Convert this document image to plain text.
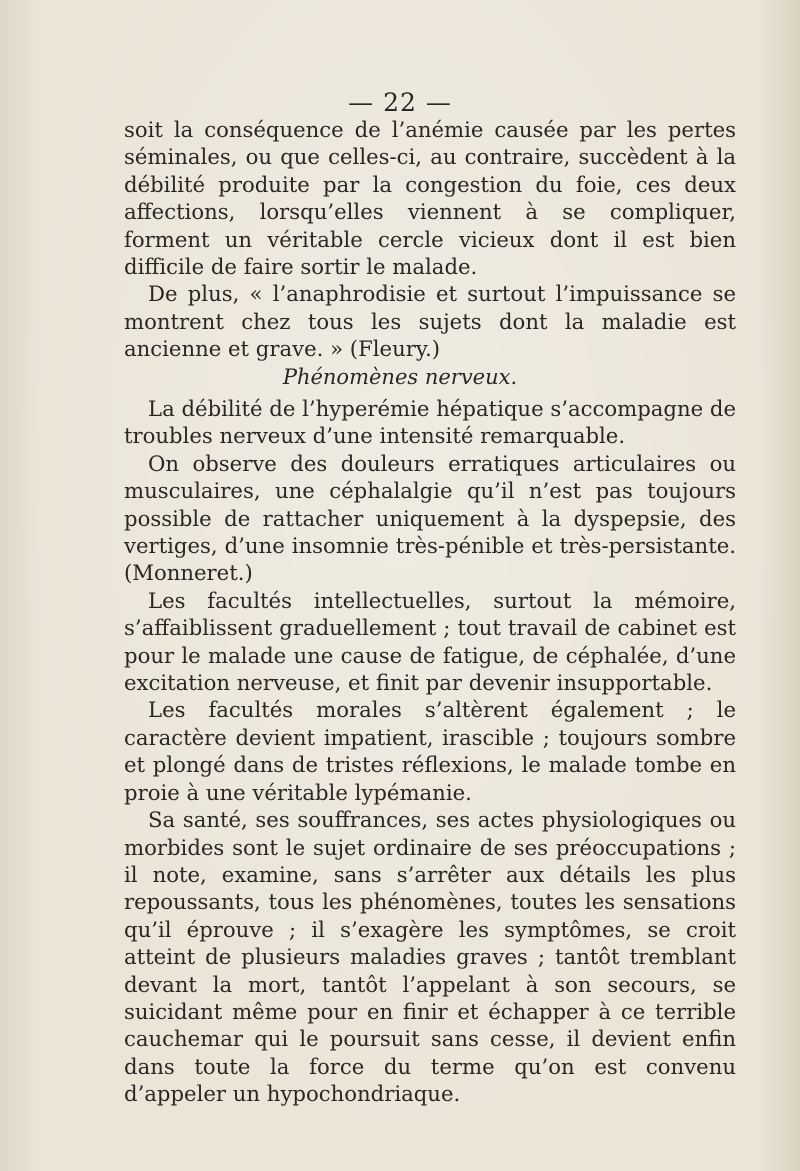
— 22 —

soit la conséquence de l’anémie causée par les pertes séminales, ou que celles-ci, au contraire, succèdent à la débilité produite par la congestion du foie, ces deux affections, lorsqu’elles viennent à se compliquer, forment un véritable cercle vicieux dont il est bien difficile de faire sortir le malade.

De plus, « l’anaphrodisie et surtout l’impuissance se montrent chez tous les sujets dont la maladie est ancienne et grave. » (Fleury.)

Phénomènes nerveux.

La débilité de l’hyperémie hépatique s’accompagne de troubles nerveux d’une intensité remarquable.

On observe des douleurs erratiques articulaires ou musculaires, une céphalalgie qu’il n’est pas toujours possible de rattacher uniquement à la dyspepsie, des vertiges, d’une insomnie très-pénible et très-persistante. (Monneret.)

Les facultés intellectuelles, surtout la mémoire, s’affaiblissent graduellement ; tout travail de cabinet est pour le malade une cause de fatigue, de céphalée, d’une excitation nerveuse, et finit par devenir insupportable.

Les facultés morales s’altèrent également ; le caractère devient impatient, irascible ; toujours sombre et plongé dans de tristes réflexions, le malade tombe en proie à une véritable lypémanie.

Sa santé, ses souffrances, ses actes physiologiques ou morbides sont le sujet ordinaire de ses préoccupations ; il note, examine, sans s’arrêter aux détails les plus repoussants, tous les phénomènes, toutes les sensations qu’il éprouve ; il s’exagère les symptômes, se croit atteint de plusieurs maladies graves ; tantôt tremblant devant la mort, tantôt l’appelant à son secours, se suicidant même pour en finir et échapper à ce terrible cauchemar qui le poursuit sans cesse, il devient enfin dans toute la force du terme qu’on est convenu d’appeler un hypochondriaque.
